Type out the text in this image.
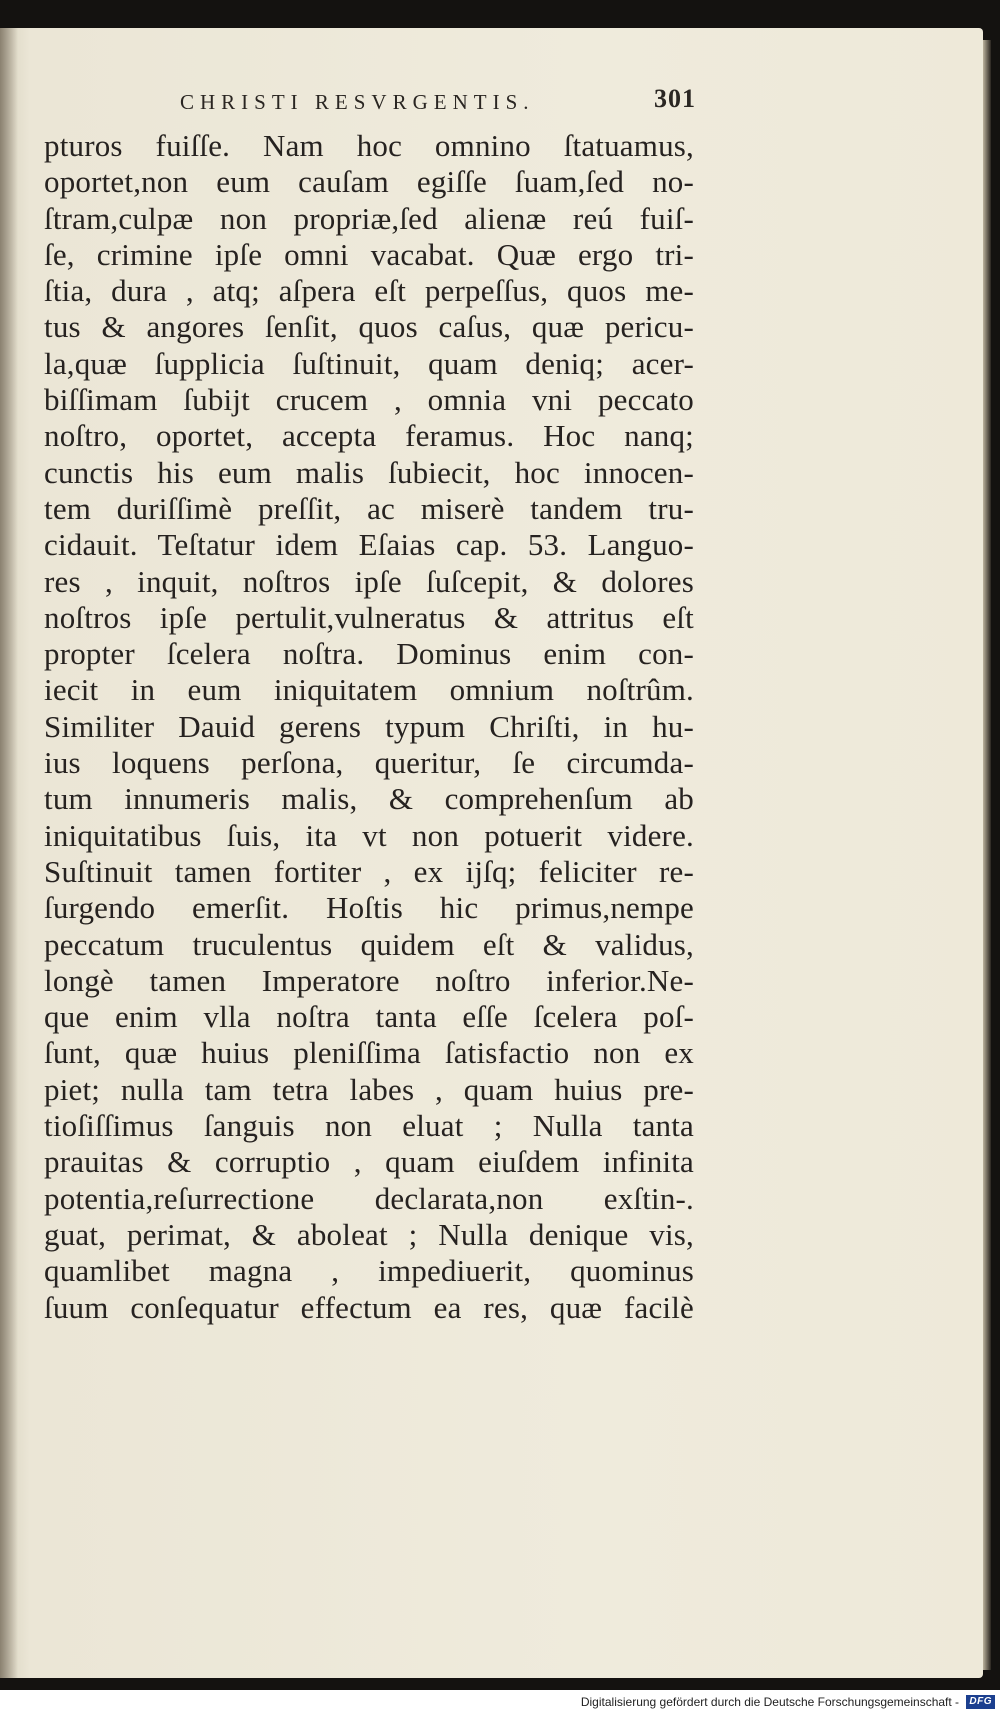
CHRISTI RESVRGENTIS.	301
pturos fuiſſe. Nam hoc omnino ſtatuamus,
oportet,non eum cauſam egiſſe ſuam,ſed no-
ſtram,culpæ non propriæ,ſed alienæ reú fuiſ-
ſe, crimine ipſe omni vacabat. Quæ ergo tri-
ſtia, dura , atq; aſpera eſt perpeſſus, quos me-
tus & angores ſenſit, quos caſus, quæ pericu-
la,quæ ſupplicia ſuſtinuit, quam deniq; acer-
biſſimam ſubijt crucem , omnia vni peccato
noſtro, oportet, accepta feramus. Hoc nanq;
cunctis his eum malis ſubiecit, hoc innocen-
tem duriſſimè preſſit, ac miserè tandem tru-
cidauit. Teſtatur idem Eſaias cap. 53. Languo-
res , inquit, noſtros ipſe ſuſcepit, & dolores
noſtros ipſe pertulit,vulneratus & attritus eſt
propter ſcelera noſtra. Dominus enim con-
iecit in eum iniquitatem omnium noſtrûm.
Similiter Dauid gerens typum Chriſti, in hu-
ius loquens perſona, queritur, ſe circumda-
tum innumeris malis, & comprehenſum ab
iniquitatibus ſuis, ita vt non potuerit videre.
Suſtinuit tamen fortiter , ex ijſq; feliciter re-
ſurgendo emerſit. Hoſtis hic primus,nempe
peccatum truculentus quidem eſt & validus,
longè tamen Imperatore noſtro inferior.Ne-
que enim vlla noſtra tanta eſſe ſcelera poſ-
ſunt, quæ huius pleniſſima ſatisfactio non ex
piet; nulla tam tetra labes , quam huius pre-
tioſiſſimus ſanguis non eluat ; Nulla tanta
prauitas & corruptio , quam eiuſdem infinita
potentia,reſurrectione declarata,non exſtin-.
guat, perimat, & aboleat ; Nulla denique vis,
quamlibet magna , impediuerit, quominus
ſuum conſequatur effectum ea res, quæ facilè
Digitalisierung gefördert durch die Deutsche Forschungsgemeinschaft - DFG
